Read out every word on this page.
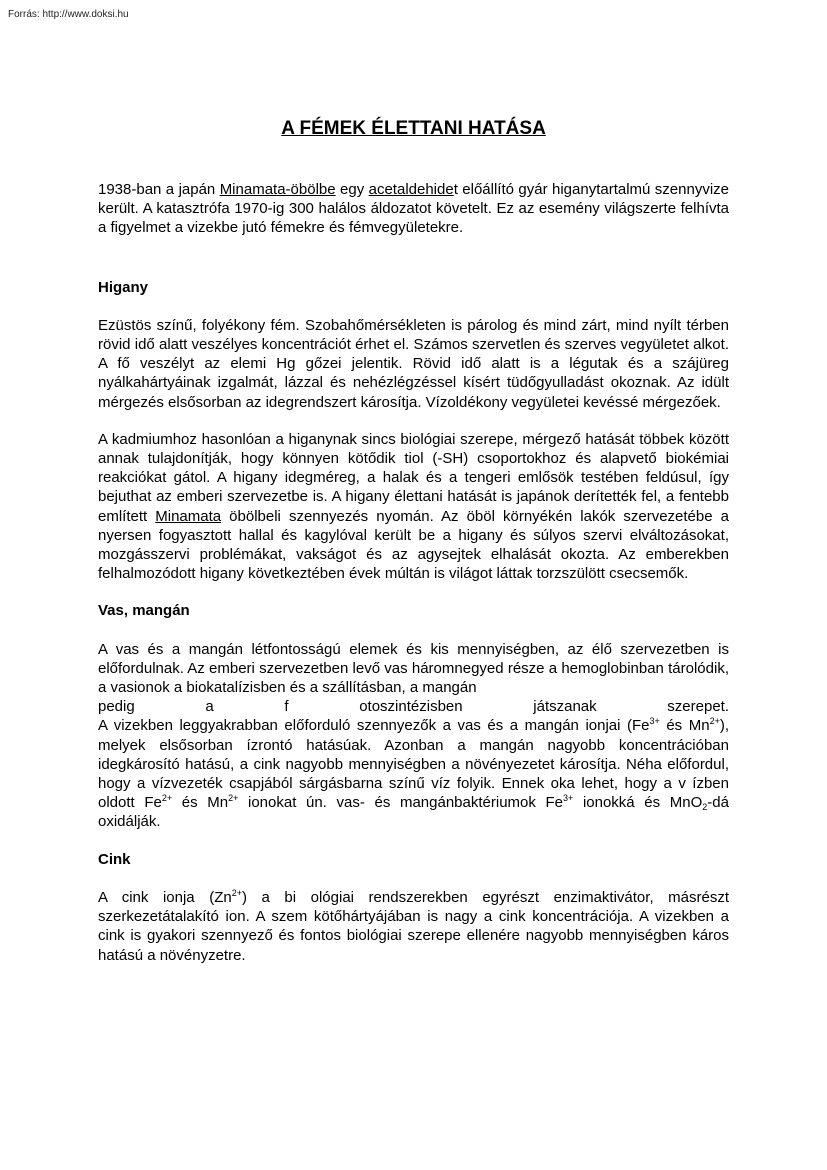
Forrás: http://www.doksi.hu
A FÉMEK ÉLETTANI HATÁSA

1938-ban a japán Minamata-öbölbe egy acetaldehidet előállító gyár higanytartalmú szennyvize került. A katasztrófa 1970-ig 300 halálos áldozatot követelt. Ez az esemény világszerte felhívta a figyelmet a vizekbe jutó fémekre és fémvegyületekre.

Higany

Ezüstös színű, folyékony fém. Szobahőmérsékleten is párolog és mind zárt, mind nyílt térben rövid idő alatt veszélyes koncentrációt érhet el. Számos szervetlen és szerves vegyületet alkot. A fő veszélyt az elemi Hg gőzei jelentik. Rövid idő alatt is a légutak és a szájüreg nyálkahártyáinak izgalmát, lázzal és nehézlégzéssel kísért tüdőgyulladást okoznak. Az idült mérgezés elsősorban az idegrendszert károsítja. Vízoldékony vegyületei kevéssé mérgezőek.

A kadmiumhoz hasonlóan a higanynak sincs biológiai szerepe, mérgező hatását többek között annak tulajdonítják, hogy könnyen kötődik tiol (-SH) csoportokhoz és alapvető biokémiai reakciókat gátol. A higany idegméreg, a halak és a tengeri emlősök testében feldúsul, így bejuthat az emberi szervezetbe is. A higany élettani hatását is japánok derítették fel, a fentebb említett Minamata öbölbeli szennyezés nyomán. Az öböl környékén lakók szervezetébe a nyersen fogyasztott hallal és kagylóval került be a higany és súlyos szervi elváltozásokat, mozgásszervi problémákat, vakságot és az agysejtek elhalását okozta. Az emberekben felhalmozódott higany következtében évek múltán is világot láttak torzszülött csecsemők.

Vas, mangán

A vas és a mangán létfontosságú elemek és kis mennyiségben, az élő szervezetben is előfordulnak. Az emberi szervezetben levő vas háromnegyed része a hemoglobinban tárolódik, a vasionok a biokatalízisben és a szállításban, a mangán

pedig a f otoszintézisben játszanak szerepet.

A vizekben leggyakrabban előforduló szennyezők a vas és a mangán ionjai ($Fe^{3+}$ és $Mn^{2+}$), melyek elsősorban ízrontó hatásúak. Azonban a mangán nagyobb koncentrációban idegkárosító hatású, a cink nagyobb mennyiségben a növényezetet károsítja. Néha előfordul, hogy a vízvezeték csapjából sárgásbarna színű víz folyik. Ennek oka lehet, hogy a v ízben oldott $Fe^{2+}$ és $Mn^{2+}$ ionokat ún. vas- és mangánbaktériumok $Fe^{3+}$ ionokká és MnO$_2$-dá oxidálják.

Cink

A cink ionja $(Zn^{2+})$ a bi ológiai rendszerekben egyrészt enzimaktivátor, másrészt szerkezetátalakító ion. A szem kötőhártyájában is nagy a cink koncentrációja. A vizekben a cink is gyakori szennyező és fontos biológiai szerepe ellenére nagyobb mennyiségben káros hatású a növényzetre.
